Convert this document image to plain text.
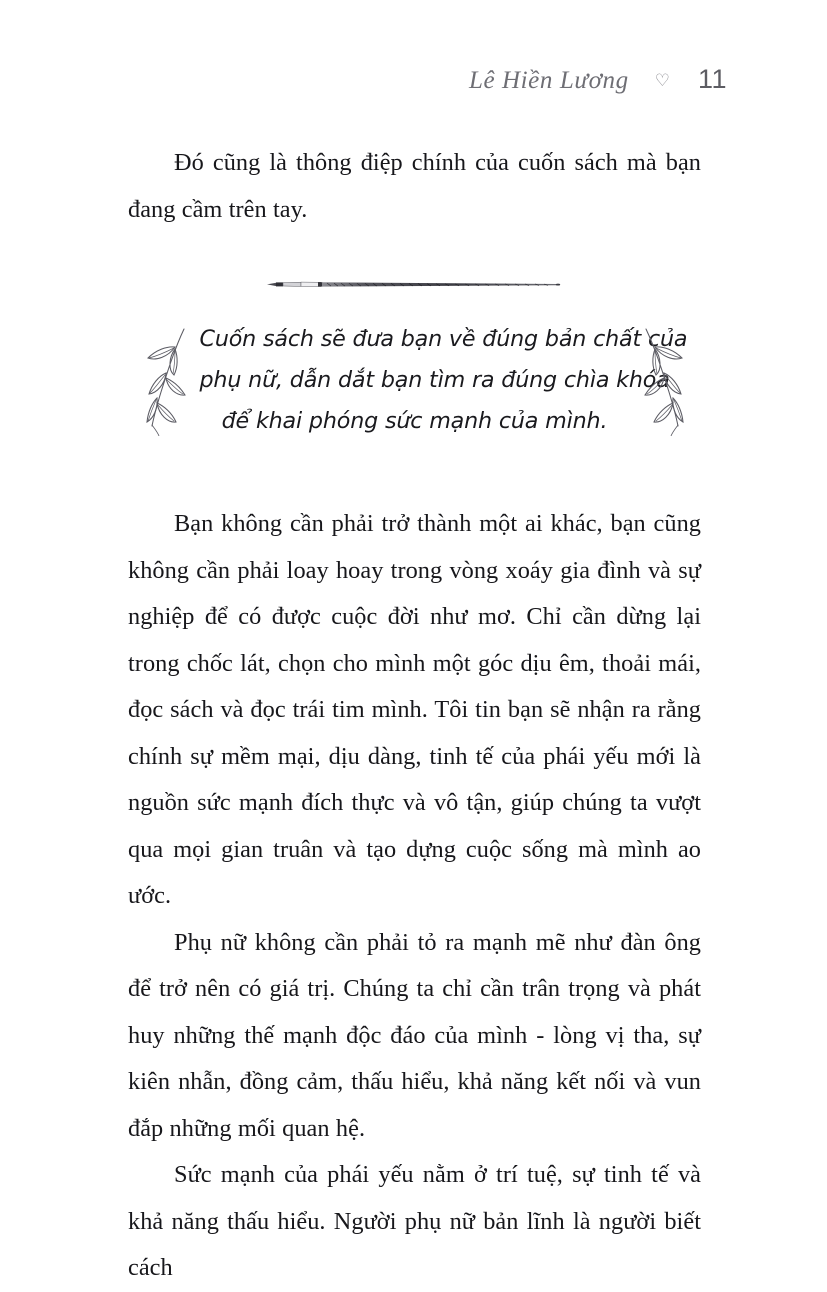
Lê Hiền Lương ♡ 11

Đó cũng là thông điệp chính của cuốn sách mà bạn đang cầm trên tay.

Cuốn sách sẽ đưa bạn về đúng bản chất của
phụ nữ, dẫn dắt bạn tìm ra đúng chìa khóa
để khai phóng sức mạnh của mình.

Bạn không cần phải trở thành một ai khác, bạn cũng không cần phải loay hoay trong vòng xoáy gia đình và sự nghiệp để có được cuộc đời như mơ. Chỉ cần dừng lại trong chốc lát, chọn cho mình một góc dịu êm, thoải mái, đọc sách và đọc trái tim mình. Tôi tin bạn sẽ nhận ra rằng chính sự mềm mại, dịu dàng, tinh tế của phái yếu mới là nguồn sức mạnh đích thực và vô tận, giúp chúng ta vượt qua mọi gian truân và tạo dựng cuộc sống mà mình ao ước.

Phụ nữ không cần phải tỏ ra mạnh mẽ như đàn ông để trở nên có giá trị. Chúng ta chỉ cần trân trọng và phát huy những thế mạnh độc đáo của mình - lòng vị tha, sự kiên nhẫn, đồng cảm, thấu hiểu, khả năng kết nối và vun đắp những mối quan hệ.

Sức mạnh của phái yếu nằm ở trí tuệ, sự tinh tế và khả năng thấu hiểu. Người phụ nữ bản lĩnh là người biết cách
